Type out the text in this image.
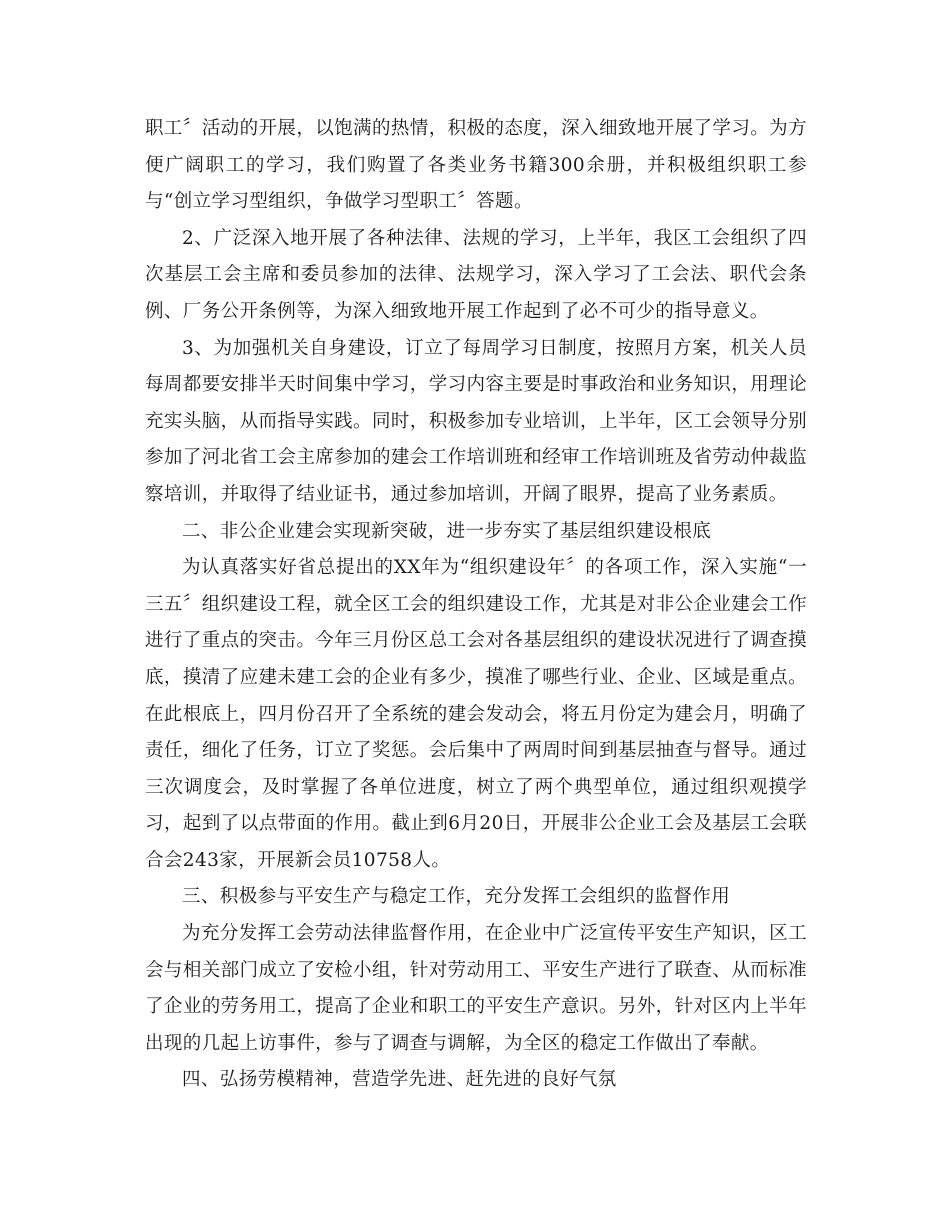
职工〞活动的开展，以饱满的热情，积极的态度，深入细致地开展了学习。为方便广阔职工的学习，我们购置了各类业务书籍300余册，并积极组织职工参与“创立学习型组织，争做学习型职工〞答题。

2、广泛深入地开展了各种法律、法规的学习，上半年，我区工会组织了四次基层工会主席和委员参加的法律、法规学习，深入学习了工会法、职代会条例、厂务公开条例等，为深入细致地开展工作起到了必不可少的指导意义。

3、为加强机关自身建设，订立了每周学习日制度，按照月方案，机关人员每周都要安排半天时间集中学习，学习内容主要是时事政治和业务知识，用理论充实头脑，从而指导实践。同时，积极参加专业培训，上半年，区工会领导分别参加了河北省工会主席参加的建会工作培训班和经审工作培训班及省劳动仲裁监察培训，并取得了结业证书，通过参加培训，开阔了眼界，提高了业务素质。

二、非公企业建会实现新突破，进一步夯实了基层组织建设根底

为认真落实好省总提出的XX年为“组织建设年〞的各项工作，深入实施“一三五〞组织建设工程，就全区工会的组织建设工作，尤其是对非公企业建会工作进行了重点的突击。今年三月份区总工会对各基层组织的建设状况进行了调查摸底，摸清了应建未建工会的企业有多少，摸准了哪些行业、企业、区域是重点。在此根底上，四月份召开了全系统的建会发动会，将五月份定为建会月，明确了责任，细化了任务，订立了奖惩。会后集中了两周时间到基层抽查与督导。通过三次调度会，及时掌握了各单位进度，树立了两个典型单位，通过组织观摸学习，起到了以点带面的作用。截止到6月20日，开展非公企业工会及基层工会联合会243家，开展新会员10758人。

三、积极参与平安生产与稳定工作，充分发挥工会组织的监督作用

为充分发挥工会劳动法律监督作用，在企业中广泛宣传平安生产知识，区工会与相关部门成立了安检小组，针对劳动用工、平安生产进行了联查、从而标准了企业的劳务用工，提高了企业和职工的平安生产意识。另外，针对区内上半年出现的几起上访事件，参与了调查与调解，为全区的稳定工作做出了奉献。

四、弘扬劳模精神，营造学先进、赶先进的良好气氛
